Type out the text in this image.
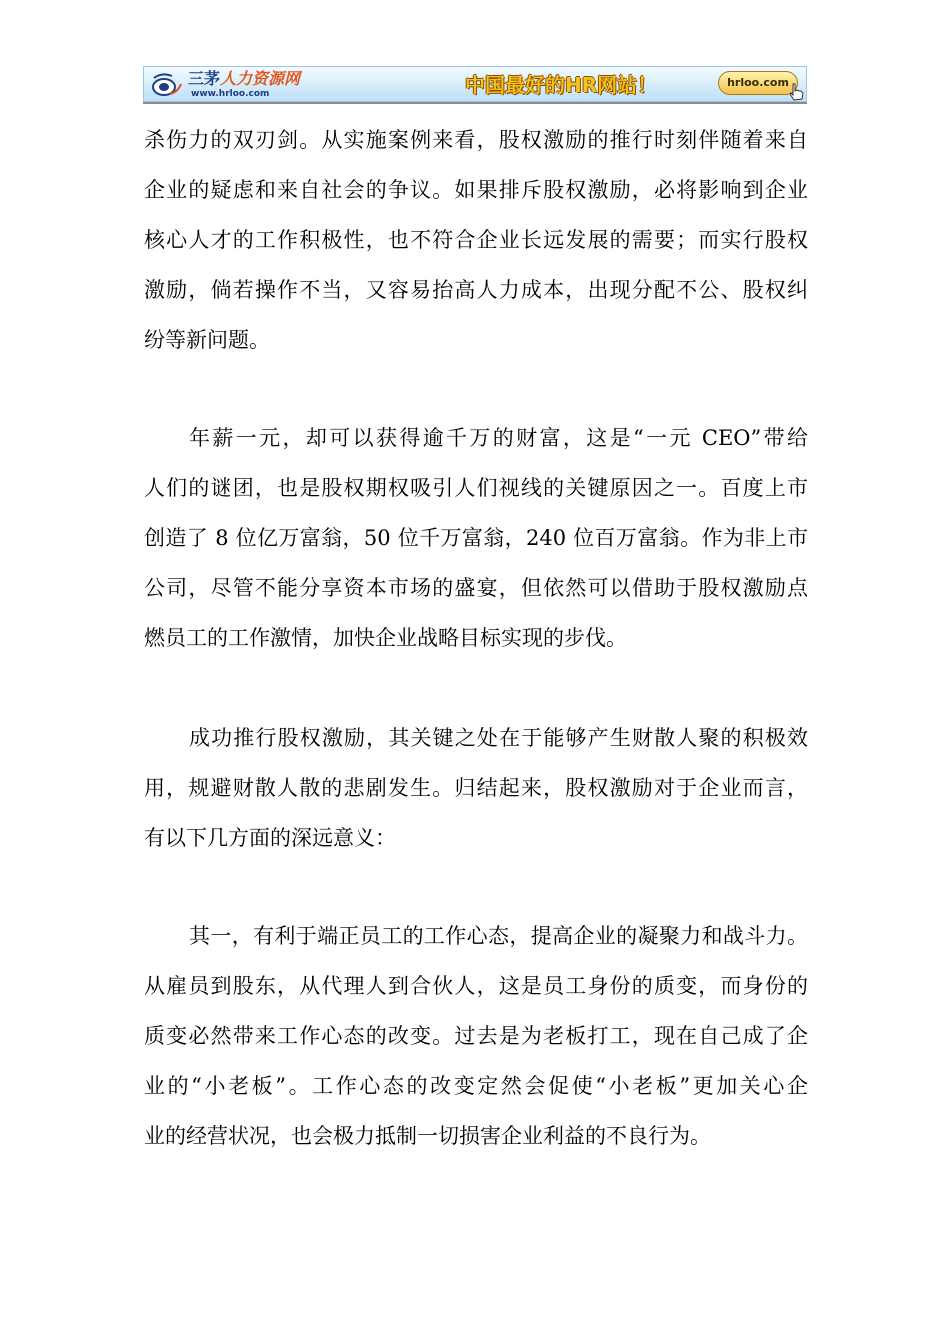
三茅人力资源网
www.hrloo.com	中国最好的HR网站！	hrloo.com
杀伤力的双刃剑。从实施案例来看，股权激励的推行时刻伴随着来自
企业的疑虑和来自社会的争议。如果排斥股权激励，必将影响到企业
核心人才的工作积极性，也不符合企业长远发展的需要；而实行股权
激励，倘若操作不当，又容易抬高人力成本，出现分配不公、股权纠
纷等新问题。
年薪一元，却可以获得逾千万的财富，这是“一元 CEO”带给
人们的谜团，也是股权期权吸引人们视线的关键原因之一。百度上市
创造了 8 位亿万富翁，50 位千万富翁，240 位百万富翁。作为非上市
公司，尽管不能分享资本市场的盛宴，但依然可以借助于股权激励点
燃员工的工作激情，加快企业战略目标实现的步伐。
成功推行股权激励，其关键之处在于能够产生财散人聚的积极效
用，规避财散人散的悲剧发生。归结起来，股权激励对于企业而言，
有以下几方面的深远意义：
其一，有利于端正员工的工作心态，提高企业的凝聚力和战斗力。
从雇员到股东，从代理人到合伙人，这是员工身份的质变，而身份的
质变必然带来工作心态的改变。过去是为老板打工，现在自己成了企
业的“小老板”。工作心态的改变定然会促使“小老板”更加关心企
业的经营状况，也会极力抵制一切损害企业利益的不良行为。
